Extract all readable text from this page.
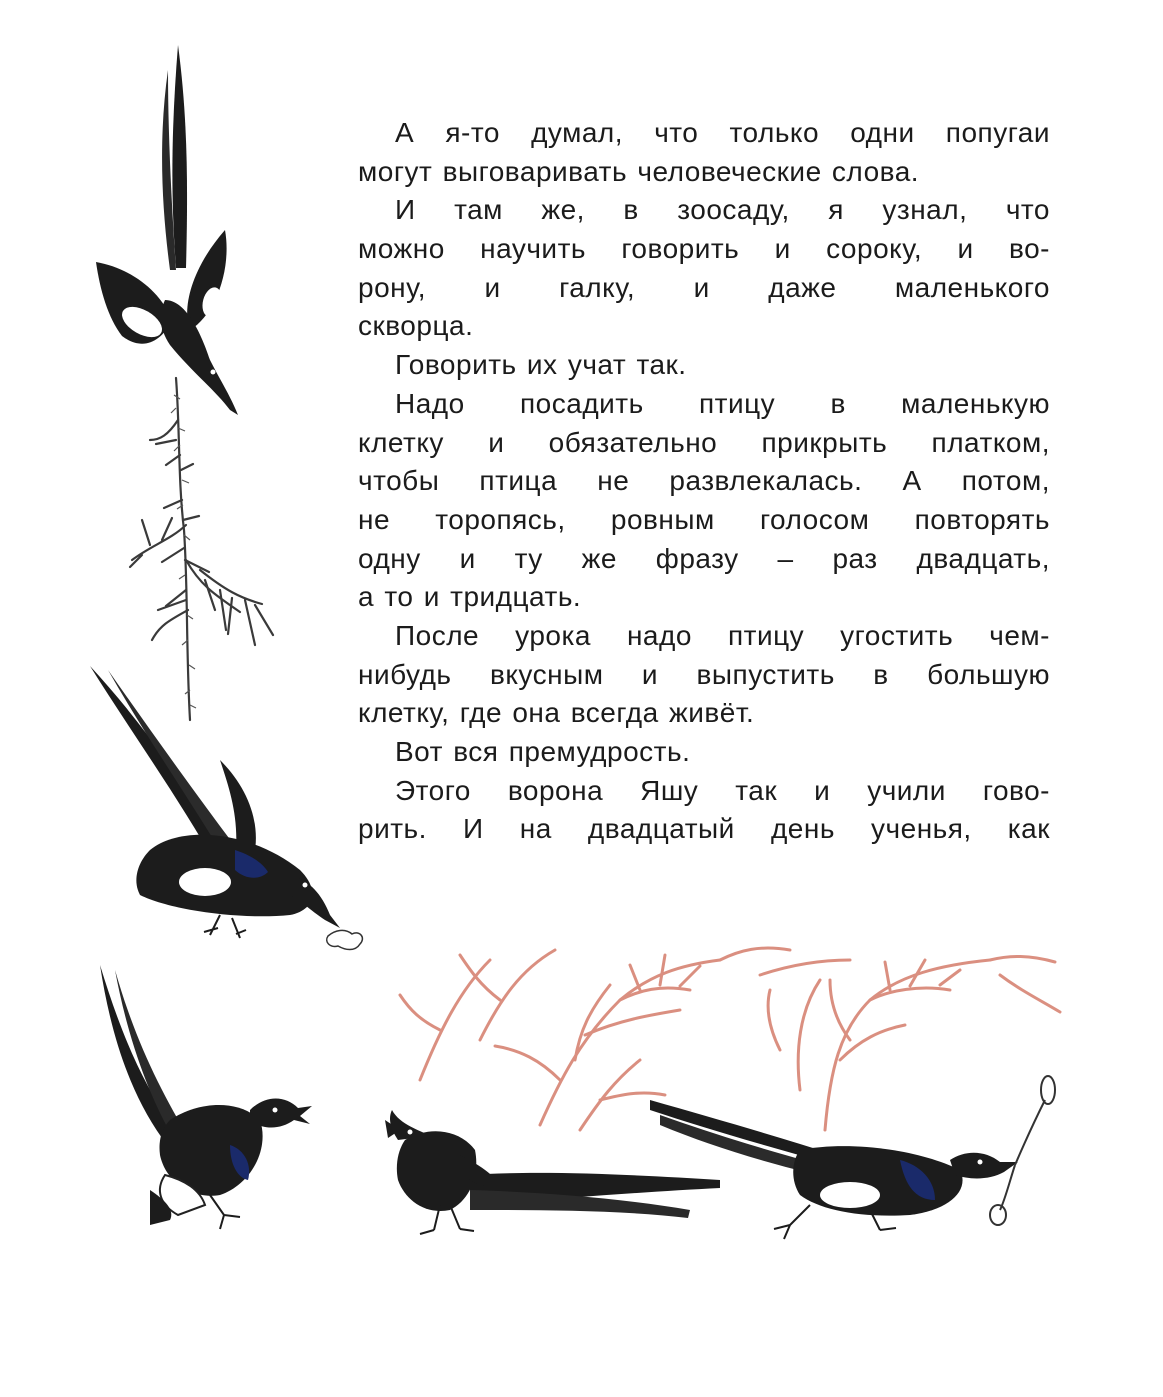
А я-то думал, что только одни попугаи
могут выговаривать человеческие слова.

И там же, в зоосаду, я узнал, что
можно научить говорить и сороку, и во-
рону, и галку, и даже маленького
скворца.

Говорить их учат так.

Надо посадить птицу в маленькую
клетку и обязательно прикрыть платком,
чтобы птица не развлекалась. А потом,
не торопясь, ровным голосом повторять
одну и ту же фразу – раз двадцать,
а то и тридцать.

После урока надо птицу угостить чем-
нибудь вкусным и выпустить в большую
клетку, где она всегда живёт.

Вот вся премудрость.

Этого ворона Яшу так и учили гово-
рить. И на двадцатый день ученья, как
